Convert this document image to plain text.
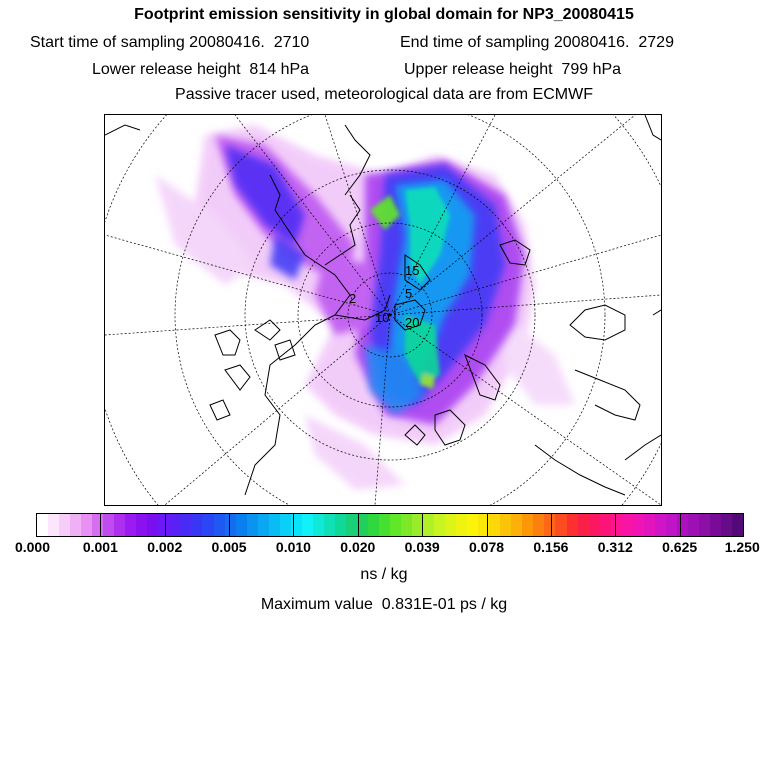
Footprint emission sensitivity in global domain for NP3_20080415
Start time of sampling 20080416.  2710	End time of sampling 20080416.  2729
Lower release height  814 hPa	Upper release height  799 hPa
Passive tracer used, meteorological data are from ECMWF
2	5
10
15
20
0.000 0.001 0.002 0.005 0.010 0.020 0.039 0.078 0.156 0.312 0.625 1.250
ns / kg
Maximum value  0.831E-01 ps / kg
